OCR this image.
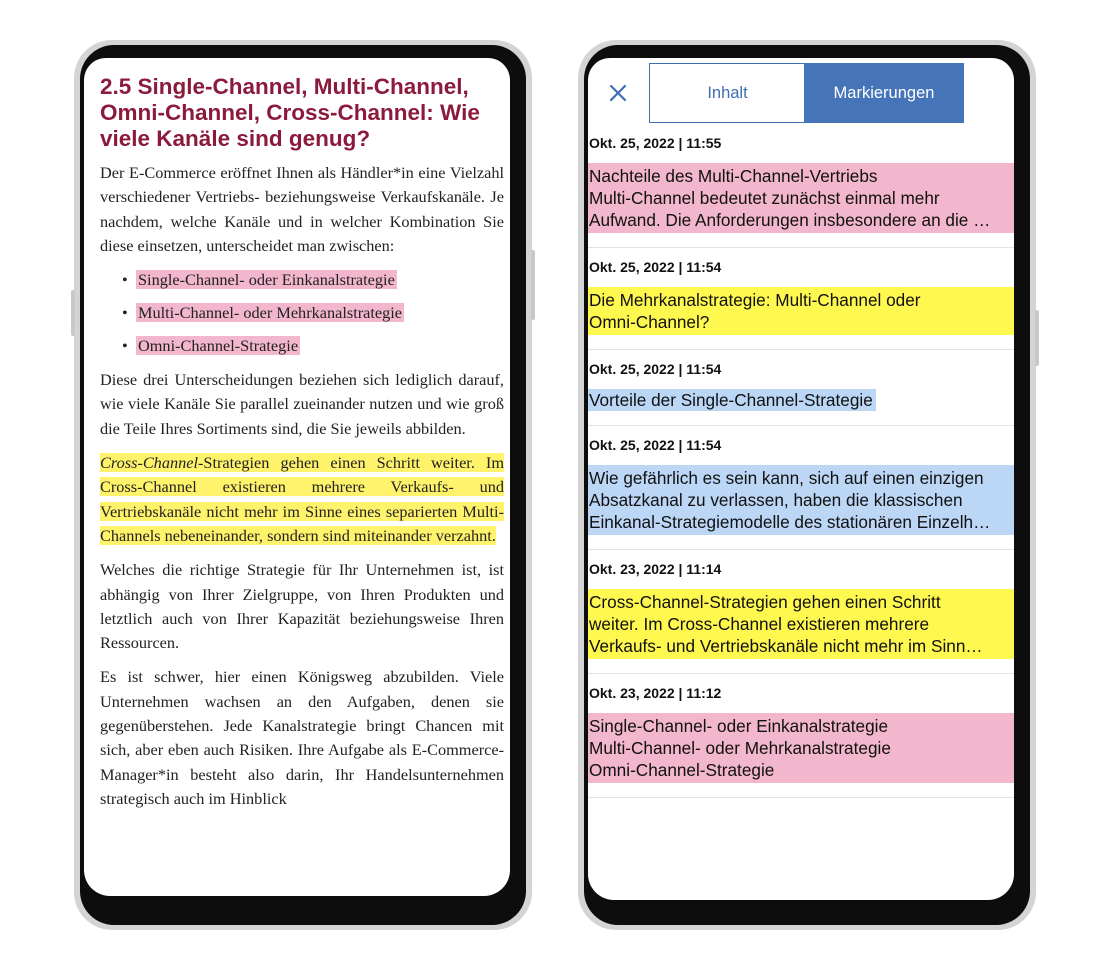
2.5 Single-Channel, Multi-Channel, Omni-Channel, Cross-Channel: Wie viele Kanäle sind genug?

Der E-Commerce eröffnet Ihnen als Händler*in eine Vielzahl verschiedener Vertriebs- beziehungsweise Verkaufskanäle. Je nachdem, welche Kanäle und in welcher Kombination Sie diese einsetzen, unterscheidet man zwischen:

• Single-Channel- oder Einkanalstrategie
• Multi-Channel- oder Mehrkanalstrategie
• Omni-Channel-Strategie

Diese drei Unterscheidungen beziehen sich lediglich darauf, wie viele Kanäle Sie parallel zueinander nutzen und wie groß die Teile Ihres Sortiments sind, die Sie jeweils abbilden.

Cross-Channel-Strategien gehen einen Schritt weiter. Im Cross-Channel existieren mehrere Verkaufs- und Vertriebskanäle nicht mehr im Sinne eines separierten Multi-Channels nebeneinander, sondern sind miteinander verzahnt.

Welches die richtige Strategie für Ihr Unternehmen ist, ist abhängig von Ihrer Zielgruppe, von Ihren Produkten und letztlich auch von Ihrer Kapazität beziehungsweise Ihren Ressourcen.

Es ist schwer, hier einen Königsweg abzubilden. Viele Unternehmen wachsen an den Aufgaben, denen sie gegenüberstehen. Jede Kanalstrategie bringt Chancen mit sich, aber eben auch Risiken. Ihre Aufgabe als E-Commerce-Manager*in besteht also darin, Ihr Handelsunternehmen strategisch auch im Hinblick

Inhalt	Markierungen
Okt. 25, 2022 | 11:55
Nachteile des Multi-Channel-Vertriebs
Multi-Channel bedeutet zunächst einmal mehr
Aufwand. Die Anforderungen insbesondere an die …
Okt. 25, 2022 | 11:54
Die Mehrkanalstrategie: Multi-Channel oder
Omni-Channel?
Okt. 25, 2022 | 11:54
Vorteile der Single-Channel-Strategie
Okt. 25, 2022 | 11:54
Wie gefährlich es sein kann, sich auf einen einzigen
Absatzkanal zu verlassen, haben die klassischen
Einkanal-Strategiemodelle des stationären Einzelh…
Okt. 23, 2022 | 11:14
Cross-Channel-Strategien gehen einen Schritt
weiter. Im Cross-Channel existieren mehrere
Verkaufs- und Vertriebskanäle nicht mehr im Sinn…
Okt. 23, 2022 | 11:12
Single-Channel- oder Einkanalstrategie
Multi-Channel- oder Mehrkanalstrategie
Omni-Channel-Strategie
